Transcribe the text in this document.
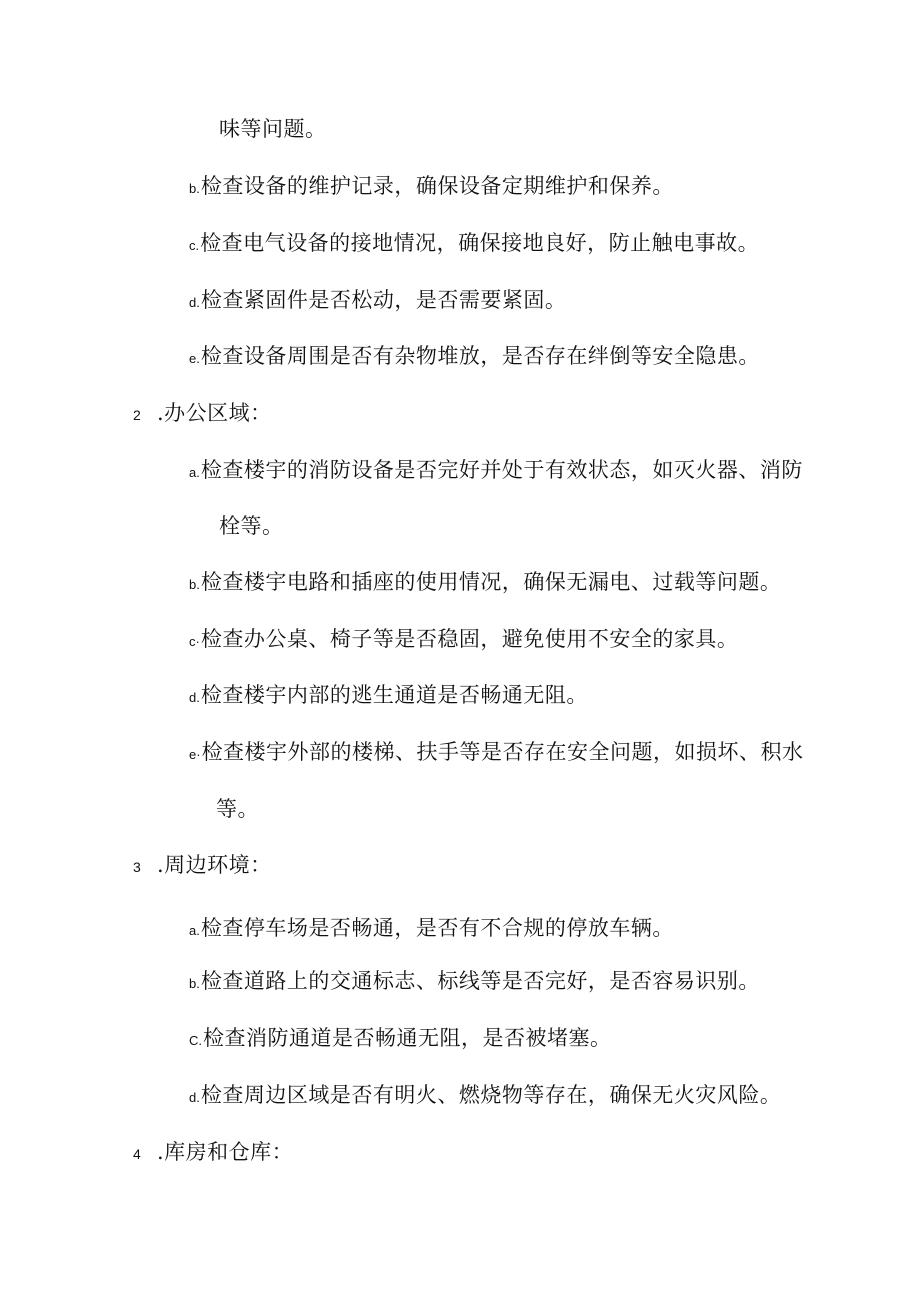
味等问题。
b.检查设备的维护记录，确保设备定期维护和保养。
c.检查电气设备的接地情况，确保接地良好，防止触电事故。
d.检查紧固件是否松动，是否需要紧固。
e.检查设备周围是否有杂物堆放，是否存在绊倒等安全隐患。
2 .办公区域：
a.检查楼宇的消防设备是否完好并处于有效状态，如灭火器、消防
栓等。
b.检查楼宇电路和插座的使用情况，确保无漏电、过载等问题。
c·检查办公桌、椅子等是否稳固，避免使用不安全的家具。
d.检查楼宇内部的逃生通道是否畅通无阻。
e·检查楼宇外部的楼梯、扶手等是否存在安全问题，如损坏、积水
等。
3 .周边环境：
a.检查停车场是否畅通，是否有不合规的停放车辆。
b.检查道路上的交通标志、标线等是否完好，是否容易识别。
C.检查消防通道是否畅通无阻，是否被堵塞。
d.检查周边区域是否有明火、燃烧物等存在，确保无火灾风险。
4 .库房和仓库：
